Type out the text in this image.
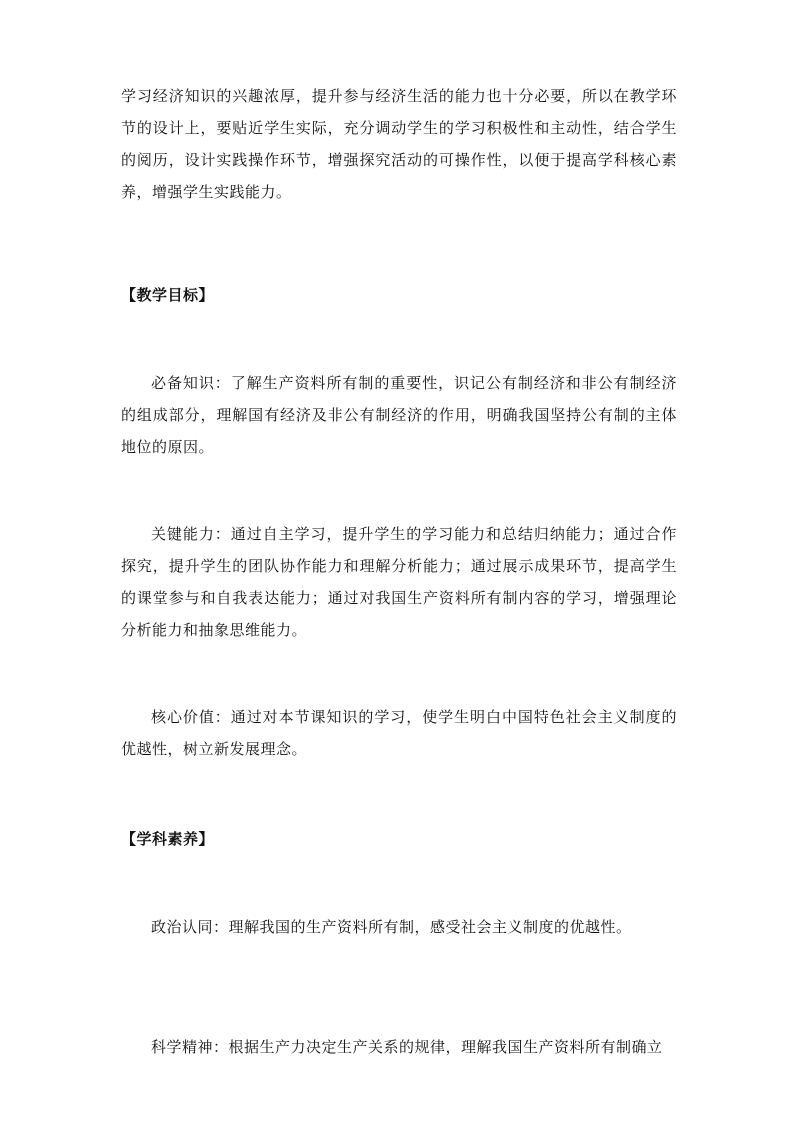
学习经济知识的兴趣浓厚，提升参与经济生活的能力也十分必要，所以在教学环节的设计上，要贴近学生实际，充分调动学生的学习积极性和主动性，结合学生的阅历，设计实践操作环节，增强探究活动的可操作性，以便于提高学科核心素养，增强学生实践能力。

【教学目标】

必备知识：了解生产资料所有制的重要性，识记公有制经济和非公有制经济的组成部分，理解国有经济及非公有制经济的作用，明确我国坚持公有制的主体地位的原因。

关键能力：通过自主学习，提升学生的学习能力和总结归纳能力；通过合作探究，提升学生的团队协作能力和理解分析能力；通过展示成果环节，提高学生的课堂参与和自我表达能力；通过对我国生产资料所有制内容的学习，增强理论分析能力和抽象思维能力。

核心价值：通过对本节课知识的学习，使学生明白中国特色社会主义制度的优越性，树立新发展理念。

【学科素养】

政治认同：理解我国的生产资料所有制，感受社会主义制度的优越性。

科学精神：根据生产力决定生产关系的规律，理解我国生产资料所有制确立
